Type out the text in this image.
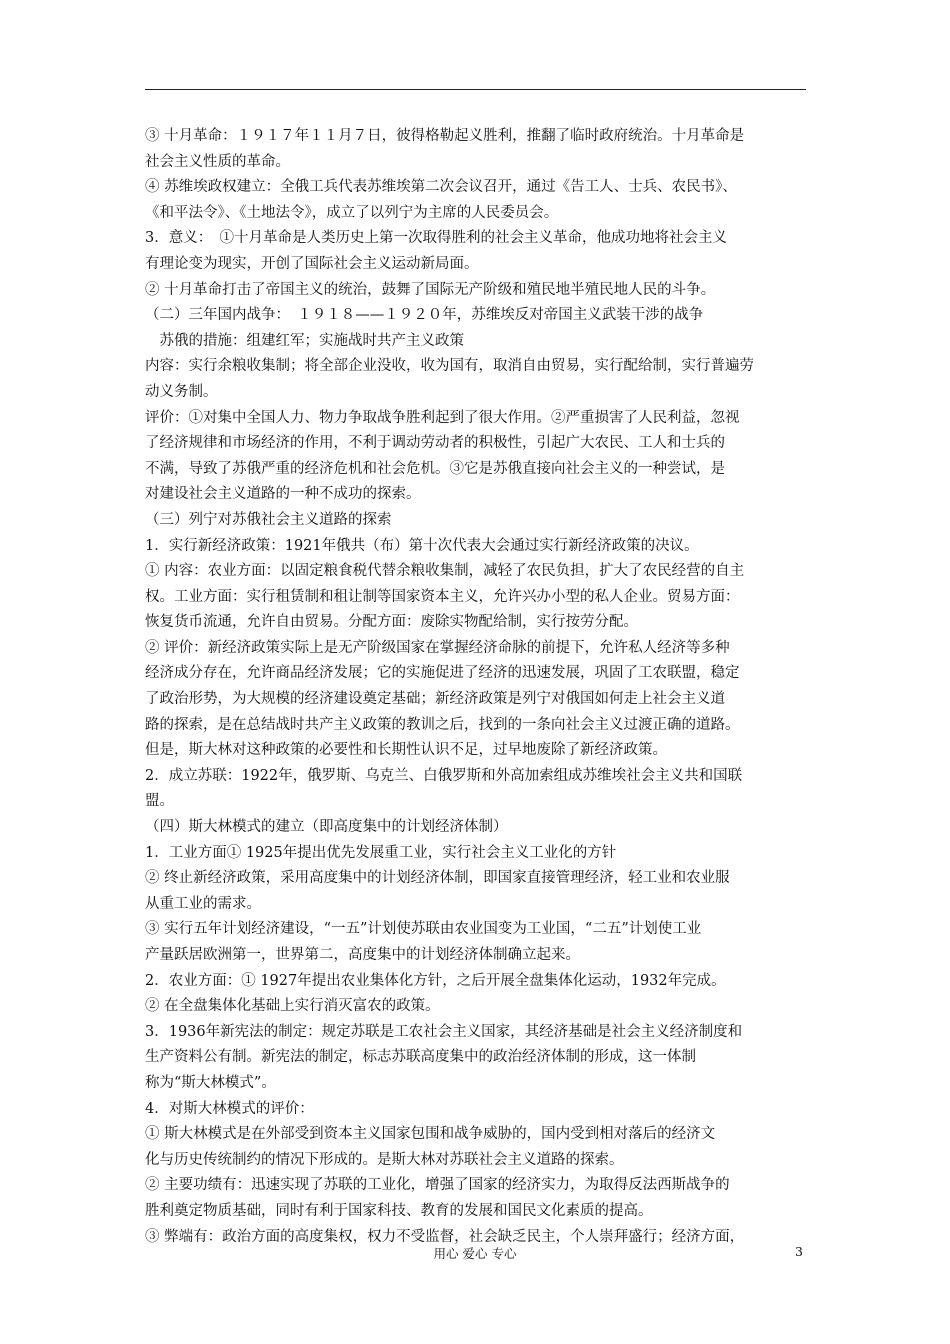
③ 十月革命：１９１７年１１月７日，彼得格勒起义胜利，推翻了临时政府统治。十月革命是
社会主义性质的革命。
④ 苏维埃政权建立：全俄工兵代表苏维埃第二次会议召开，通过《告工人、士兵、农民书》、
《和平法令》、《土地法令》，成立了以列宁为主席的人民委员会。
3．意义：　①十月革命是人类历史上第一次取得胜利的社会主义革命，他成功地将社会主义
有理论变为现实，开创了国际社会主义运动新局面。
② 十月革命打击了帝国主义的统治，鼓舞了国际无产阶级和殖民地半殖民地人民的斗争。
（二）三年国内战争：　１９１８——１９２０年，苏维埃反对帝国主义武装干涉的战争
　苏俄的措施：组建红军；实施战时共产主义政策
内容：实行余粮收集制；将全部企业没收，收为国有，取消自由贸易，实行配给制，实行普遍劳
动义务制。
评价：①对集中全国人力、物力争取战争胜利起到了很大作用。②严重损害了人民利益，忽视
了经济规律和市场经济的作用，不利于调动劳动者的积极性，引起广大农民、工人和士兵的
不满，导致了苏俄严重的经济危机和社会危机。③它是苏俄直接向社会主义的一种尝试，是
对建设社会主义道路的一种不成功的探索。
（三）列宁对苏俄社会主义道路的探索
1．实行新经济政策：1921年俄共（布）第十次代表大会通过实行新经济政策的决议。
① 内容：农业方面：以固定粮食税代替余粮收集制，减轻了农民负担，扩大了农民经营的自主
权。工业方面：实行租赁制和租让制等国家资本主义，允许兴办小型的私人企业。贸易方面：
恢复货币流通，允许自由贸易。分配方面：废除实物配给制，实行按劳分配。
② 评价：新经济政策实际上是无产阶级国家在掌握经济命脉的前提下，允许私人经济等多种
经济成分存在，允许商品经济发展；它的实施促进了经济的迅速发展，巩固了工农联盟，稳定
了政治形势，为大规模的经济建设奠定基础；新经济政策是列宁对俄国如何走上社会主义道
路的探索，是在总结战时共产主义政策的教训之后，找到的一条向社会主义过渡正确的道路。
但是，斯大林对这种政策的必要性和长期性认识不足，过早地废除了新经济政策。
2．成立苏联：1922年，俄罗斯、乌克兰、白俄罗斯和外高加索组成苏维埃社会主义共和国联
盟。
（四）斯大林模式的建立（即高度集中的计划经济体制）
1．工业方面① 1925年提出优先发展重工业，实行社会主义工业化的方针
② 终止新经济政策，采用高度集中的计划经济体制，即国家直接管理经济，轻工业和农业服
从重工业的需求。
③ 实行五年计划经济建设，“一五”计划使苏联由农业国变为工业国，“二五”计划使工业
产量跃居欧洲第一，世界第二，高度集中的计划经济体制确立起来。
2．农业方面：① 1927年提出农业集体化方针，之后开展全盘集体化运动，1932年完成。
② 在全盘集体化基础上实行消灭富农的政策。
3．1936年新宪法的制定：规定苏联是工农社会主义国家，其经济基础是社会主义经济制度和
生产资料公有制。新宪法的制定，标志苏联高度集中的政治经济体制的形成，这一体制
称为“斯大林模式”。
4．对斯大林模式的评价：
① 斯大林模式是在外部受到资本主义国家包围和战争威胁的，国内受到相对落后的经济文
化与历史传统制约的情况下形成的。是斯大林对苏联社会主义道路的探索。
② 主要功绩有：迅速实现了苏联的工业化，增强了国家的经济实力，为取得反法西斯战争的
胜利奠定物质基础，同时有利于国家科技、教育的发展和国民文化素质的提高。
③ 弊端有：政治方面的高度集权，权力不受监督，社会缺乏民主，个人崇拜盛行；经济方面，
用心 爱心 专心	3
